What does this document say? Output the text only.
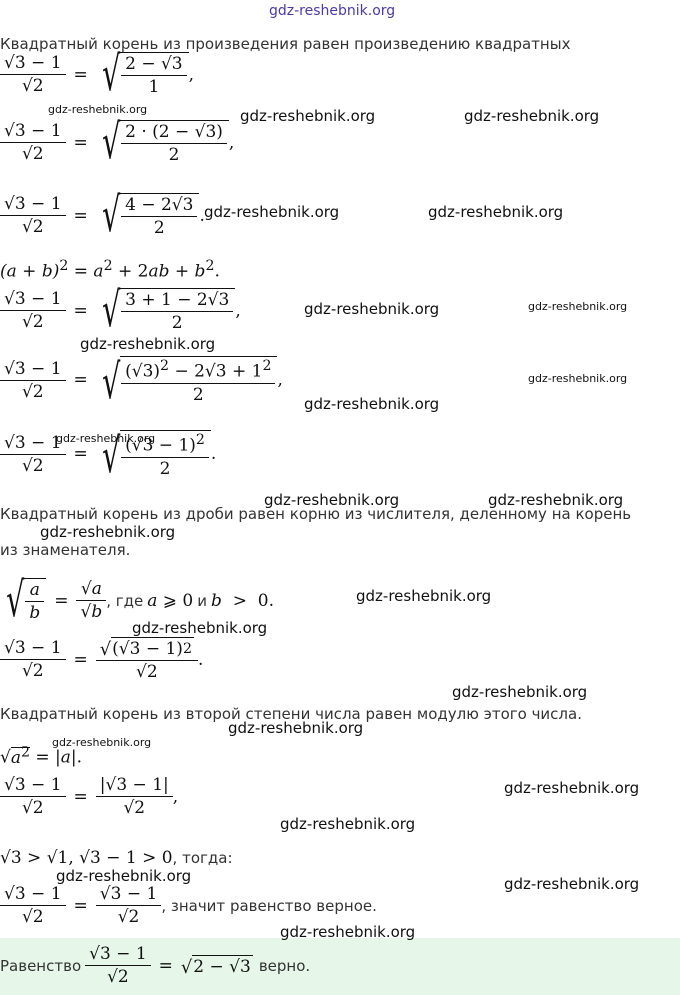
gdz-reshebnik.org
Квадратный корень из произведения равен произведению квадратных
$\frac{√3 - 1}{√2}$ = √ $\frac{2 - √3}{1}$ ,
$\frac{√3 - 1}{√2}$ = √ $\frac{2 \cdot (2 - √3)}{2}$ ,
$\frac{√3 - 1}{√2}$ = √ $\frac{4 - 2√3}{2}$ .
$(a + b)^2 = a^2 + 2ab + b^2$.
$\frac{√3 - 1}{√2}$ = √ $\frac{3 + 1 - 2√3}{2}$ ,
$\frac{√3 - 1}{√2}$ = √ $\frac{(√3)^2 - 2√3 + 1^2}{2}$ ,
$\frac{√3 - 1}{√2}$ = √ $\frac{(√3 - 1)^2}{2}$ .
Квадратный корень из дроби равен корню из числителя, деленному на корень
из знаменателя.
√ $\frac{a}{b} = \frac{√a}{√b}$ , где a ⩾ 0 и b  >  0.
$\frac{√3 - 1}{√2} = \frac{√ (√3 - 1) 2}{√2}$ .
Квадратный корень из второй степени числа равен модулю этого числа.
$√a^2 = |a|$.
$\frac{√3 - 1}{√2} = \frac{|√3 - 1|}{√2}$ ,
√3 > √1, √3 − 1 > 0, тогда:
$\frac{√3 - 1}{√2} = \frac{√3 - 1}{√2}$ , значит равенство верное.
Равенство $\frac{√3 - 1}{√2}$ = √ 2 − √3 верно.
gdz-reshebnik.org	gdz-reshebnik.org	gdz-reshebnik.org
gdz-reshebnik.org	gdz-reshebnik.org
gdz-reshebnik.org	gdz-reshebnik.org
gdz-reshebnik.org
gdz-reshebnik.org
gdz-reshebnik.org
gdz-reshebnik.org
gdz-reshebnik.org	gdz-reshebnik.org
gdz-reshebnik.org
gdz-reshebnik.org
gdz-reshebnik.org
gdz-reshebnik.org
gdz-reshebnik.org
gdz-reshebnik.org
gdz-reshebnik.org
gdz-reshebnik.org
gdz-reshebnik.org	gdz-reshebnik.org
gdz-reshebnik.org
